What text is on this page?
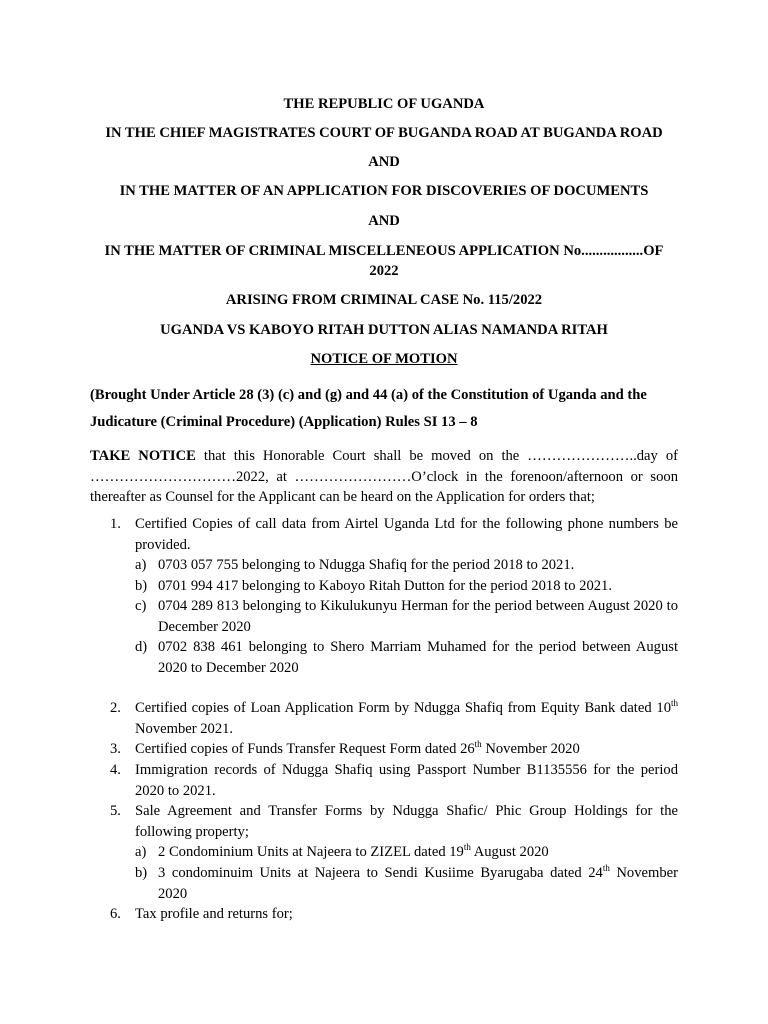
THE REPUBLIC OF UGANDA
IN THE CHIEF MAGISTRATES COURT OF BUGANDA ROAD AT BUGANDA ROAD
AND
IN THE MATTER OF AN APPLICATION FOR DISCOVERIES OF DOCUMENTS
AND
IN THE MATTER OF CRIMINAL MISCELLENEOUS APPLICATION No.................OF
2022
ARISING FROM CRIMINAL CASE No. 115/2022
UGANDA VS KABOYO RITAH DUTTON ALIAS NAMANDA RITAH
NOTICE OF MOTION
(Brought Under Article 28 (3) (c) and (g) and 44 (a) of the Constitution of Uganda and the
Judicature (Criminal Procedure) (Application) Rules SI 13 – 8
TAKE NOTICE that this Honorable Court shall be moved on the …………………..day of
…………………………2022, at ……………………O’clock in the forenoon/afternoon or soon
thereafter as Counsel for the Applicant can be heard on the Application for orders that;
1. Certified Copies of call data from Airtel Uganda Ltd for the following phone numbers be provided.
a) 0703 057 755 belonging to Ndugga Shafiq for the period 2018 to 2021.
b) 0701 994 417 belonging to Kaboyo Ritah Dutton for the period 2018 to 2021.
c) 0704 289 813 belonging to Kikulukunyu Herman for the period between August 2020 to December 2020
d) 0702 838 461 belonging to Shero Marriam Muhamed for the period between August 2020 to December 2020
2. Certified copies of Loan Application Form by Ndugga Shafiq from Equity Bank dated 10th November 2021.
3. Certified copies of Funds Transfer Request Form dated 26th November 2020
4. Immigration records of Ndugga Shafiq using Passport Number B1135556 for the period 2020 to 2021.
5. Sale Agreement and Transfer Forms by Ndugga Shafic/ Phic Group Holdings for the following property;
a) 2 Condominium Units at Najeera to ZIZEL dated 19th August 2020
b) 3 condominuim Units at Najeera to Sendi Kusiime Byarugaba dated 24th November 2020
6. Tax profile and returns for;
